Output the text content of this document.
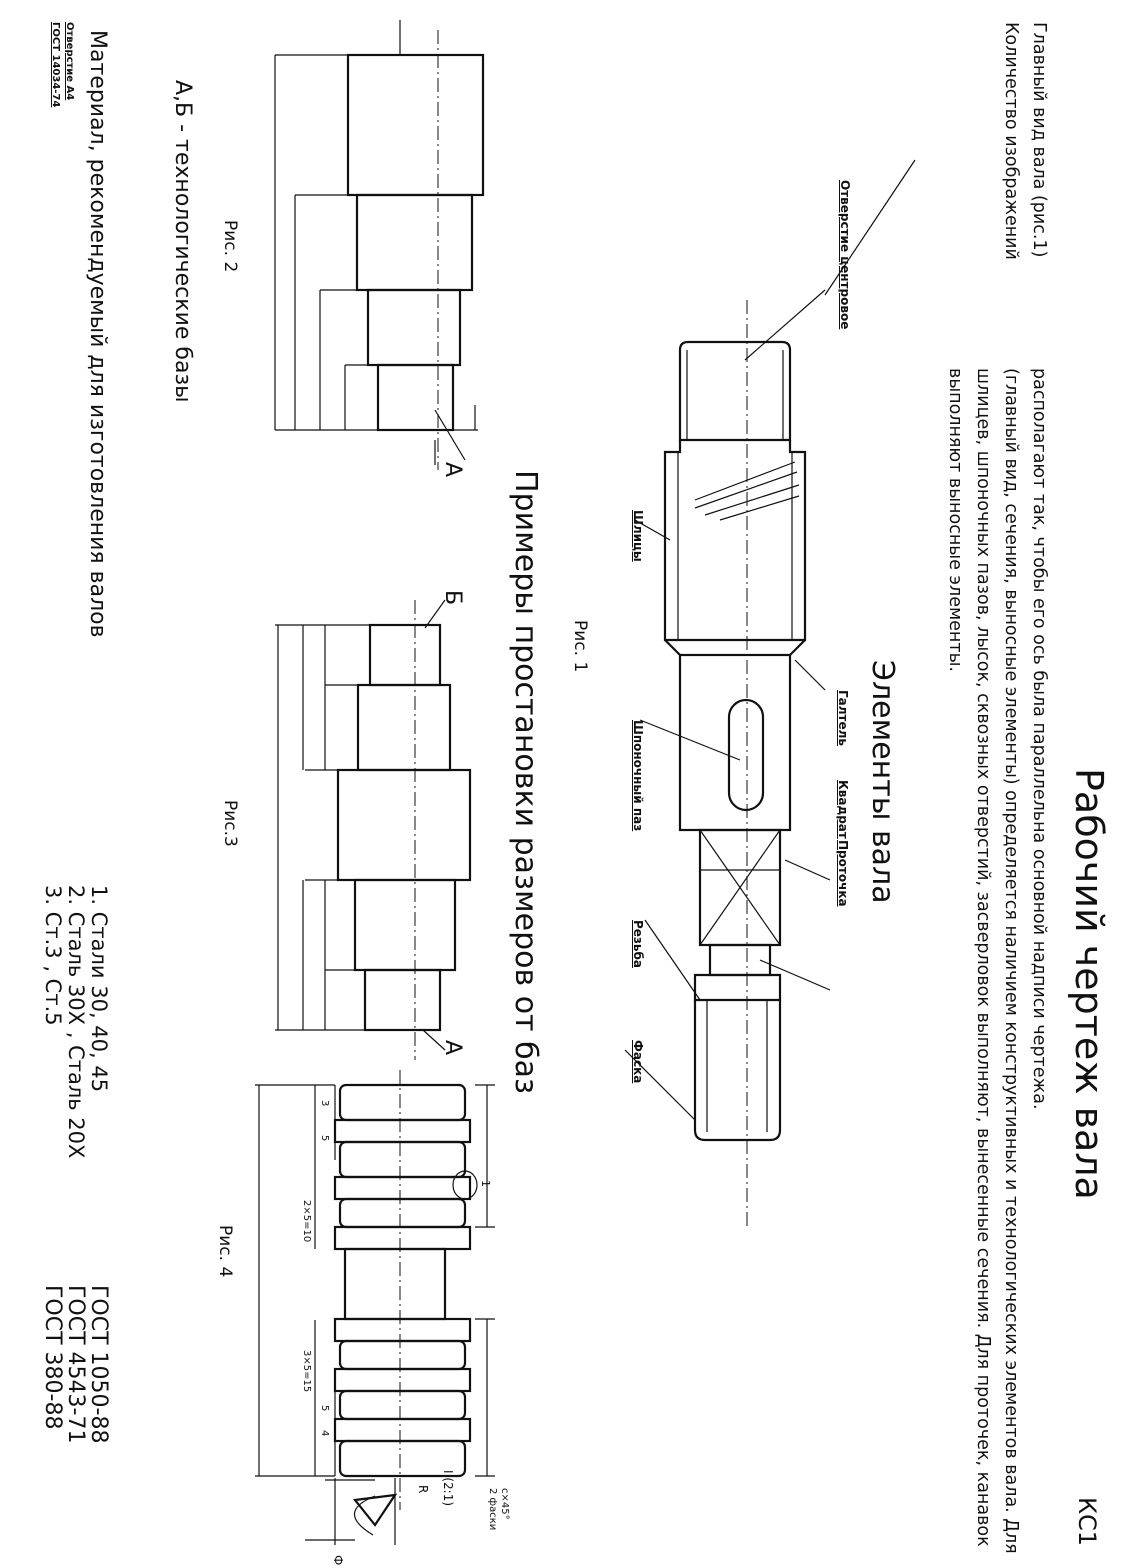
КС1
Рабочий чертеж вала
Главный вид вала (рис.1)
располагают так, чтобы его ось была параллельна основной надписи чертежа.
Количество изображений
(главный вид, сечения, выносные элементы) определяется наличием конструктивных и технологических элементов вала. Для шлицев, шпоночных пазов, лысок, сквозных отверстий, засверловок выполняют, вынесенные сечения. Для проточек, канавок выполняют выносные элементы.
Элементы вала
Отверстие центровое
Галтель
Квадрат
Проточка
Фаска
Резьба
Шпоночный паз
Шлицы
Рис. 1
Примеры простановки размеров от баз
Рис. 2
Рис.3
Рис. 4
A
A
Б
Отверстие А4
ГОСТ 14034-74
А,Б - технологические базы
c×45°
2 фаски
I (2:1)
R
Ф
1
4
5
3×5=15
3
5
2×5=10
Материал, рекомендуемый для изготовления валов
1. Стали 30, 40, 45
2. Сталь 30Х , Сталь 20Х
3. Ст.3 , Ст.5
ГОСТ 1050-88
ГОСТ 4543-71
ГОСТ 380-88
